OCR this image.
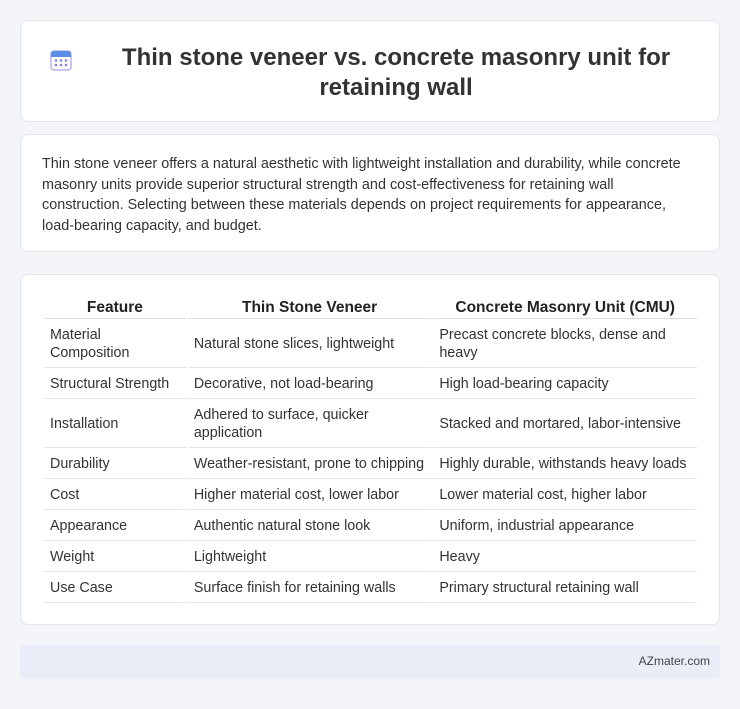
Thin stone veneer vs. concrete masonry unit for retaining wall

Thin stone veneer offers a natural aesthetic with lightweight installation and durability, while concrete masonry units provide superior structural strength and cost-effectiveness for retaining wall construction. Selecting between these materials depends on project requirements for appearance, load-bearing capacity, and budget.

Feature	Thin Stone Veneer	Concrete Masonry Unit (CMU)
Material Composition	Natural stone slices, lightweight	Precast concrete blocks, dense and heavy
Structural Strength	Decorative, not load-bearing	High load-bearing capacity
Installation	Adhered to surface, quicker application	Stacked and mortared, labor-intensive
Durability	Weather-resistant, prone to chipping	Highly durable, withstands heavy loads
Cost	Higher material cost, lower labor	Lower material cost, higher labor
Appearance	Authentic natural stone look	Uniform, industrial appearance
Weight	Lightweight	Heavy
Use Case	Surface finish for retaining walls	Primary structural retaining wall
AZmater.com
